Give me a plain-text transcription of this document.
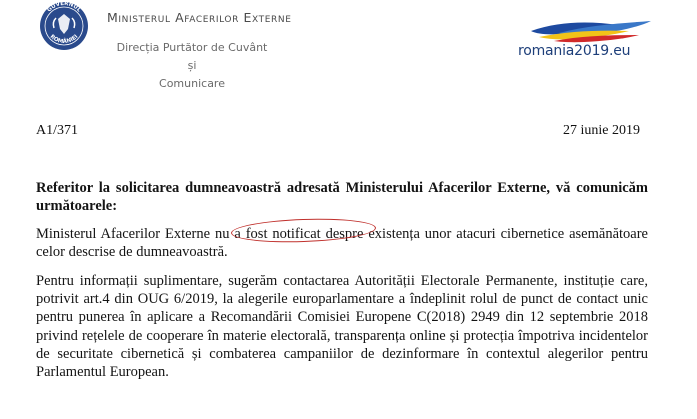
GUVERNUL
ROMÂNIEI
Ministerul Afacerilor Externe
Direcția Purtător de Cuvânt și
Comunicare
romania2019.eu
A1/371	27 iunie 2019
Referitor la solicitarea dumneavoastră adresată Ministerului Afacerilor Externe, vă comunicăm următoarele:
Ministerul Afacerilor Externe nu a fost notificat despre existența unor atacuri cibernetice asemănătoare celor descrise de dumneavoastră.
Pentru informații suplimentare, sugerăm contactarea Autorității Electorale Permanente, instituție care, potrivit art.4 din OUG 6/2019, la alegerile europarlamentare a îndeplinit rolul de punct de contact unic pentru punerea în aplicare a Recomandării Comisiei Europene C(2018) 2949 din 12 septembrie 2018 privind rețelele de cooperare în materie electorală, transparența online și protecția împotriva incidentelor de securitate cibernetică și combaterea campaniilor de dezinformare în contextul alegerilor pentru Parlamentul European.
